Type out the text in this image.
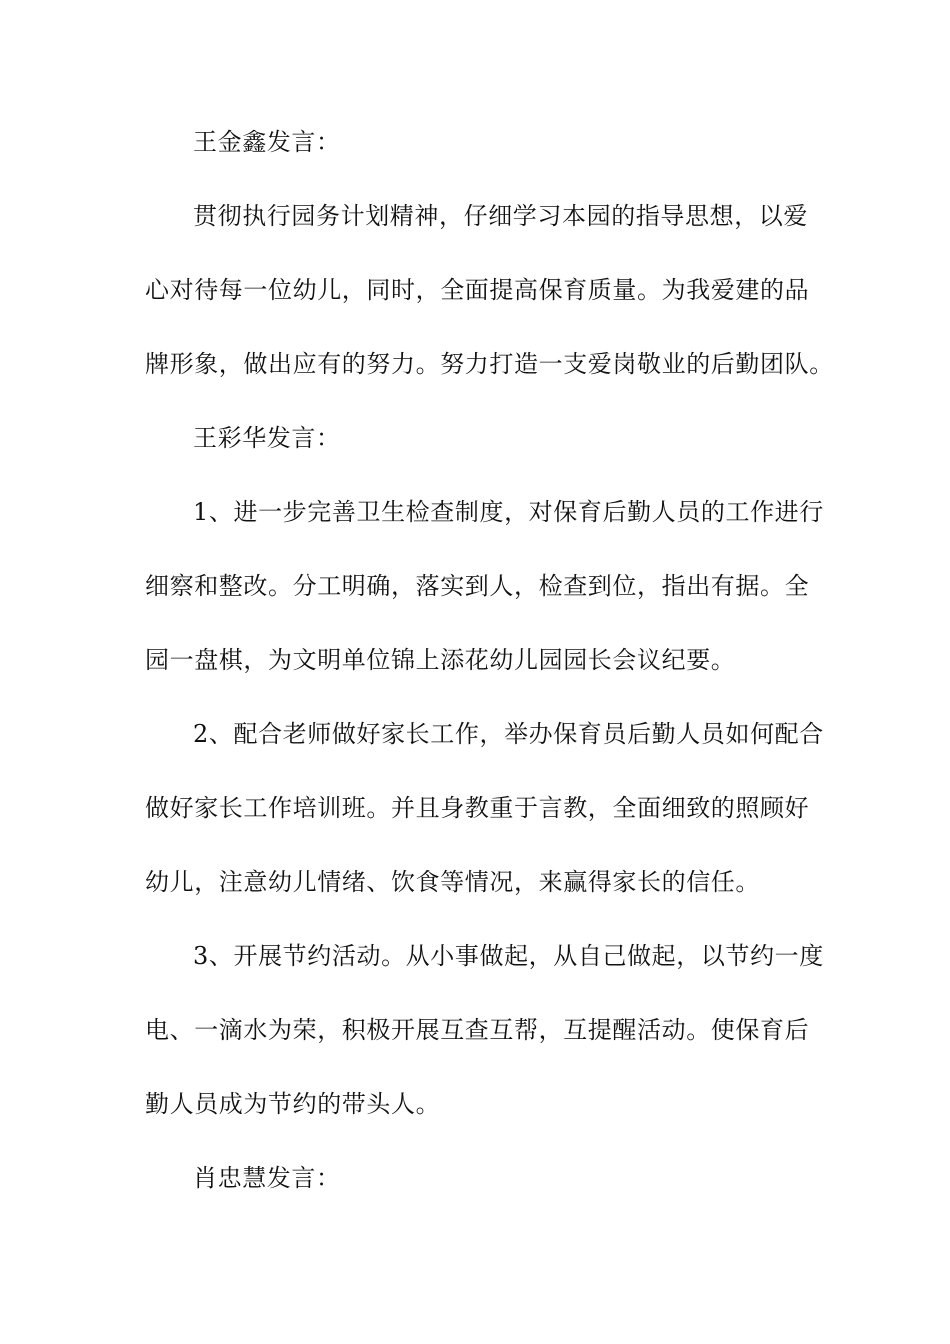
王金鑫发言：
贯彻执行园务计划精神，仔细学习本园的指导思想，以爱
心对待每一位幼儿，同时，全面提高保育质量。为我爱建的品
牌形象，做出应有的努力。努力打造一支爱岗敬业的后勤团队。
王彩华发言：
1、进一步完善卫生检查制度，对保育后勤人员的工作进行
细察和整改。分工明确，落实到人，检查到位，指出有据。全
园一盘棋，为文明单位锦上添花幼儿园园长会议纪要。
2、配合老师做好家长工作，举办保育员后勤人员如何配合
做好家长工作培训班。并且身教重于言教，全面细致的照顾好
幼儿，注意幼儿情绪、饮食等情况，来赢得家长的信任。
3、开展节约活动。从小事做起，从自己做起，以节约一度
电、一滴水为荣，积极开展互查互帮，互提醒活动。使保育后
勤人员成为节约的带头人。
肖忠慧发言：
